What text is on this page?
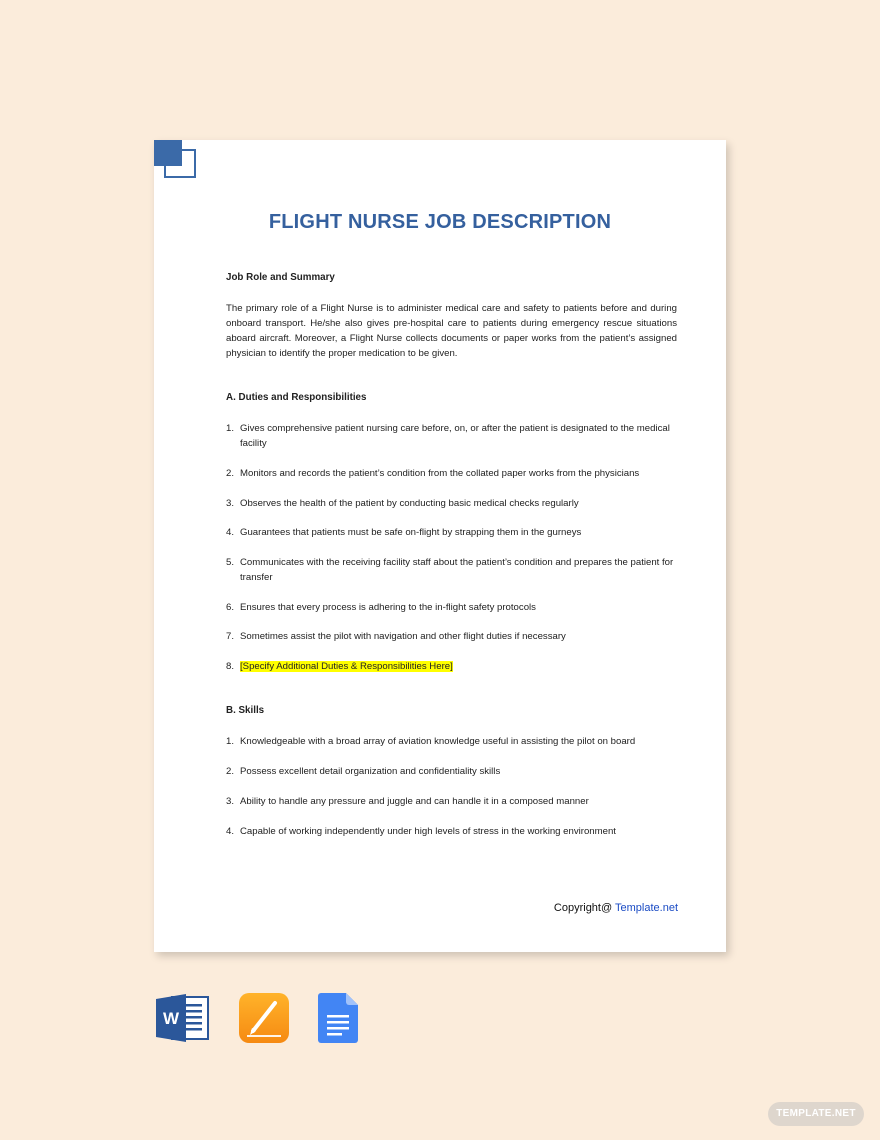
FLIGHT NURSE JOB DESCRIPTION
Job Role and Summary
The primary role of a Flight Nurse is to administer medical care and safety to patients before and during onboard transport. He/she also gives pre-hospital care to patients during emergency rescue situations aboard aircraft. Moreover, a Flight Nurse collects documents or paper works from the patient’s assigned physician to identify the proper medication to be given.
A. Duties and Responsibilities
1. Gives comprehensive patient nursing care before, on, or after the patient is designated to the medical facility
2. Monitors and records the patient’s condition from the collated paper works from the physicians
3. Observes the health of the patient by conducting basic medical checks regularly
4. Guarantees that patients must be safe on-flight by strapping them in the gurneys
5. Communicates with the receiving facility staff about the patient’s condition and prepares the patient for transfer
6. Ensures that every process is adhering to the in-flight safety protocols
7. Sometimes assist the pilot with navigation and other flight duties if necessary
8. [Specify Additional Duties & Responsibilities Here]
B. Skills
1. Knowledgeable with a broad array of aviation knowledge useful in assisting the pilot on board
2. Possess excellent detail organization and confidentiality skills
3. Ability to handle any pressure and juggle and can handle it in a composed manner
4. Capable of working independently under high levels of stress in the working environment
Copyright@ Template.net
W
TEMPLATE.NET
